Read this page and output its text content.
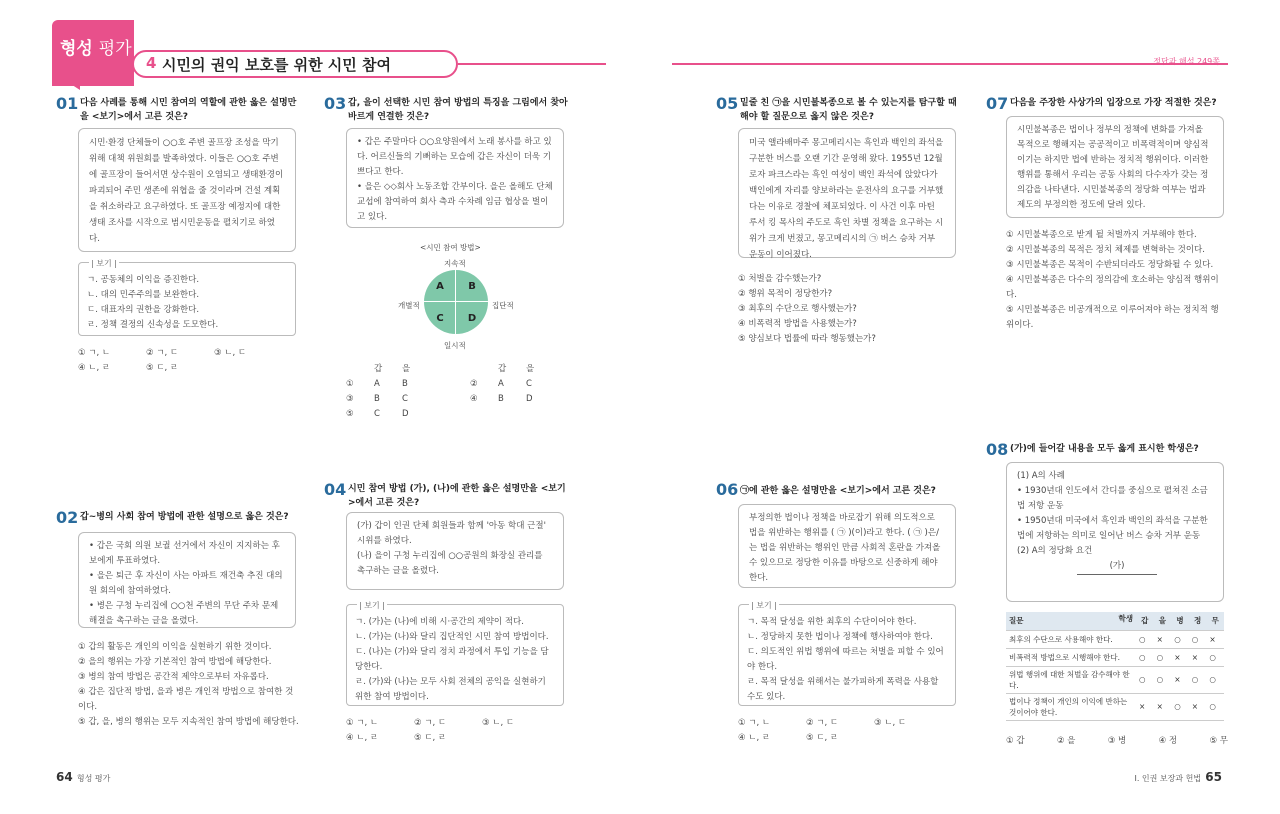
형성 평가
4 시민의 권익 보호를 위한 시민 참여	정답과 해설 249쪽
01 다음 사례를 통해 시민 참여의 역할에 관한 옳은 설명만을 <보기>에서 고른 것은?
시민·환경 단체들이 ○○호 주변 골프장 조성을 막기 위해 대책 위원회를 발족하였다. 이들은 ○○호 주변에 골프장이 들어서면 상수원이 오염되고 생태환경이 파괴되어 주민 생존에 위협을 줄 것이라며 건설 계획을 취소하라고 요구하였다. 또 골프장 예정지에 대한 생태 조사를 시작으로 범시민운동을 펼치기로 하였다.
| 보기 |
ㄱ. 공동체의 이익을 증진한다.
ㄴ. 대의 민주주의를 보완한다.
ㄷ. 대표자의 권한을 강화한다.
ㄹ. 정책 결정의 신속성을 도모한다.
① ㄱ, ㄴ	② ㄱ, ㄷ	③ ㄴ, ㄷ
④ ㄴ, ㄹ	⑤ ㄷ, ㄹ
02 갑~병의 사회 참여 방법에 관한 설명으로 옳은 것은?
• 갑은 국회 의원 보궐 선거에서 자신이 지지하는 후보에게 투표하였다.
• 을은 퇴근 후 자신이 사는 아파트 재건축 추진 대의원 회의에 참여하였다.
• 병은 구청 누리집에 ○○천 주변의 무단 주차 문제 해결을 촉구하는 글을 올렸다.
① 갑의 활동은 개인의 이익을 실현하기 위한 것이다.
② 을의 행위는 가장 기본적인 참여 방법에 해당한다.
③ 병의 참여 방법은 공간적 제약으로부터 자유롭다.
④ 갑은 집단적 방법, 을과 병은 개인적 방법으로 참여한 것이다.
⑤ 갑, 을, 병의 행위는 모두 지속적인 참여 방법에 해당한다.
03 갑, 을이 선택한 시민 참여 방법의 특징을 그림에서 찾아 바르게 연결한 것은?
• 갑은 주말마다 ○○요양원에서 노래 봉사를 하고 있다. 어르신들의 기뻐하는 모습에 갑은 자신이 더욱 기쁘다고 한다.
• 을은 ◇◇회사 노동조합 간부이다. 을은 올해도 단체 교섭에 참여하여 회사 측과 수차례 임금 협상을 벌이고 있다.
<시민 참여 방법>
지속적
일시적
개별적	집단적
A	B
C	D
갑 을	갑 을
① A	B	② A	C
③ B	C	④ B	D
⑤ C	D
04 시민 참여 방법 (가), (나)에 관한 옳은 설명만을 <보기>에서 고른 것은?
(가) 갑이 인권 단체 회원들과 함께 '아동 학대 근절' 시위를 하였다.
(나) 을이 구청 누리집에 ○○공원의 화장실 관리를 촉구하는 글을 올렸다.
| 보기 |
ㄱ. (가)는 (나)에 비해 시·공간의 제약이 적다.
ㄴ. (가)는 (나)와 달리 집단적인 시민 참여 방법이다.
ㄷ. (나)는 (가)와 달리 정치 과정에서 투입 기능을 담당한다.
ㄹ. (가)와 (나)는 모두 사회 전체의 공익을 실현하기 위한 참여 방법이다.
① ㄱ, ㄴ	② ㄱ, ㄷ	③ ㄴ, ㄷ
④ ㄴ, ㄹ	⑤ ㄷ, ㄹ
05 밑줄 친 ㉠을 시민불복종으로 볼 수 있는지를 탐구할 때 해야 할 질문으로 옳지 않은 것은?
미국 앨라배마주 몽고메리시는 흑인과 백인의 좌석을 구분한 버스를 오랜 기간 운영해 왔다. 1955년 12월 로자 파크스라는 흑인 여성이 백인 좌석에 앉았다가 백인에게 자리를 양보하라는 운전사의 요구를 거부했다는 이유로 경찰에 체포되었다. 이 사건 이후 마틴 루서 킹 목사의 주도로 흑인 차별 정책을 요구하는 시위가 크게 번졌고, 몽고메리시의 ㉠ 버스 승차 거부 운동이 이어졌다.
① 처벌을 감수했는가?
② 행위 목적이 정당한가?
③ 최후의 수단으로 행사했는가?
④ 비폭력적 방법을 사용했는가?
⑤ 양심보다 법률에 따라 행동했는가?
06 ㉠에 관한 옳은 설명만을 <보기>에서 고른 것은?
부정의한 법이나 정책을 바로잡기 위해 의도적으로 법을 위반하는 행위를 ( ㉠ )(이)라고 한다. ( ㉠ )은/는 법을 위반하는 행위인 만큼 사회적 혼란을 가져올 수 있으므로 정당한 이유를 바탕으로 신중하게 해야 한다.
| 보기 |
ㄱ. 목적 달성을 위한 최후의 수단이어야 한다.
ㄴ. 정당하지 못한 법이나 정책에 행사하여야 한다.
ㄷ. 의도적인 위법 행위에 따르는 처벌을 피할 수 있어야 한다.
ㄹ. 목적 달성을 위해서는 불가피하게 폭력을 사용할 수도 있다.
① ㄱ, ㄴ	② ㄱ, ㄷ	③ ㄴ, ㄷ
④ ㄴ, ㄹ	⑤ ㄷ, ㄹ
07 다음을 주장한 사상가의 입장으로 가장 적절한 것은?
시민불복종은 법이나 정부의 정책에 변화를 가져올 목적으로 행해지는 공공적이고 비폭력적이며 양심적이기는 하지만 법에 반하는 정치적 행위이다. 이러한 행위를 통해서 우리는 공동 사회의 다수자가 갖는 정의감을 나타낸다. 시민불복종의 정당화 여부는 법과 제도의 부정의한 정도에 달려 있다.
① 시민불복종으로 받게 될 처벌까지 거부해야 한다.
② 시민불복종의 목적은 정치 체제를 변혁하는 것이다.
③ 시민불복종은 목적이 수반되더라도 정당화될 수 있다.
④ 시민불복종은 다수의 정의감에 호소하는 양심적 행위이다.
⑤ 시민불복종은 비공개적으로 이루어져야 하는 정치적 행위이다.
08 (가)에 들어갈 내용을 모두 옳게 표시한 학생은?
(1) A의 사례
• 1930년대 인도에서 간디를 중심으로 펼쳐진 소금법 저항 운동
• 1950년대 미국에서 흑인과 백인의 좌석을 구분한 법에 저항하는 의미로 일어난 버스 승차 거부 운동
(2) A의 정당화 요건
(가)
질문 학생	갑	을	병	정	무
최후의 수단으로 사용해야 한다.	○	×	○	○	×
비폭력적 방법으로 시행해야 한다.	○	○	×	×	○
위법 행위에 대한 처벌을 감수해야 한다.	○	○	×	○	○
법이나 정책이 개인의 이익에 반하는 것이어야 한다.	×	×	○	×	○
① 갑	② 을	③ 병	④ 정	⑤ 무
64 형성 평가	I. 인권 보장과 헌법 65
